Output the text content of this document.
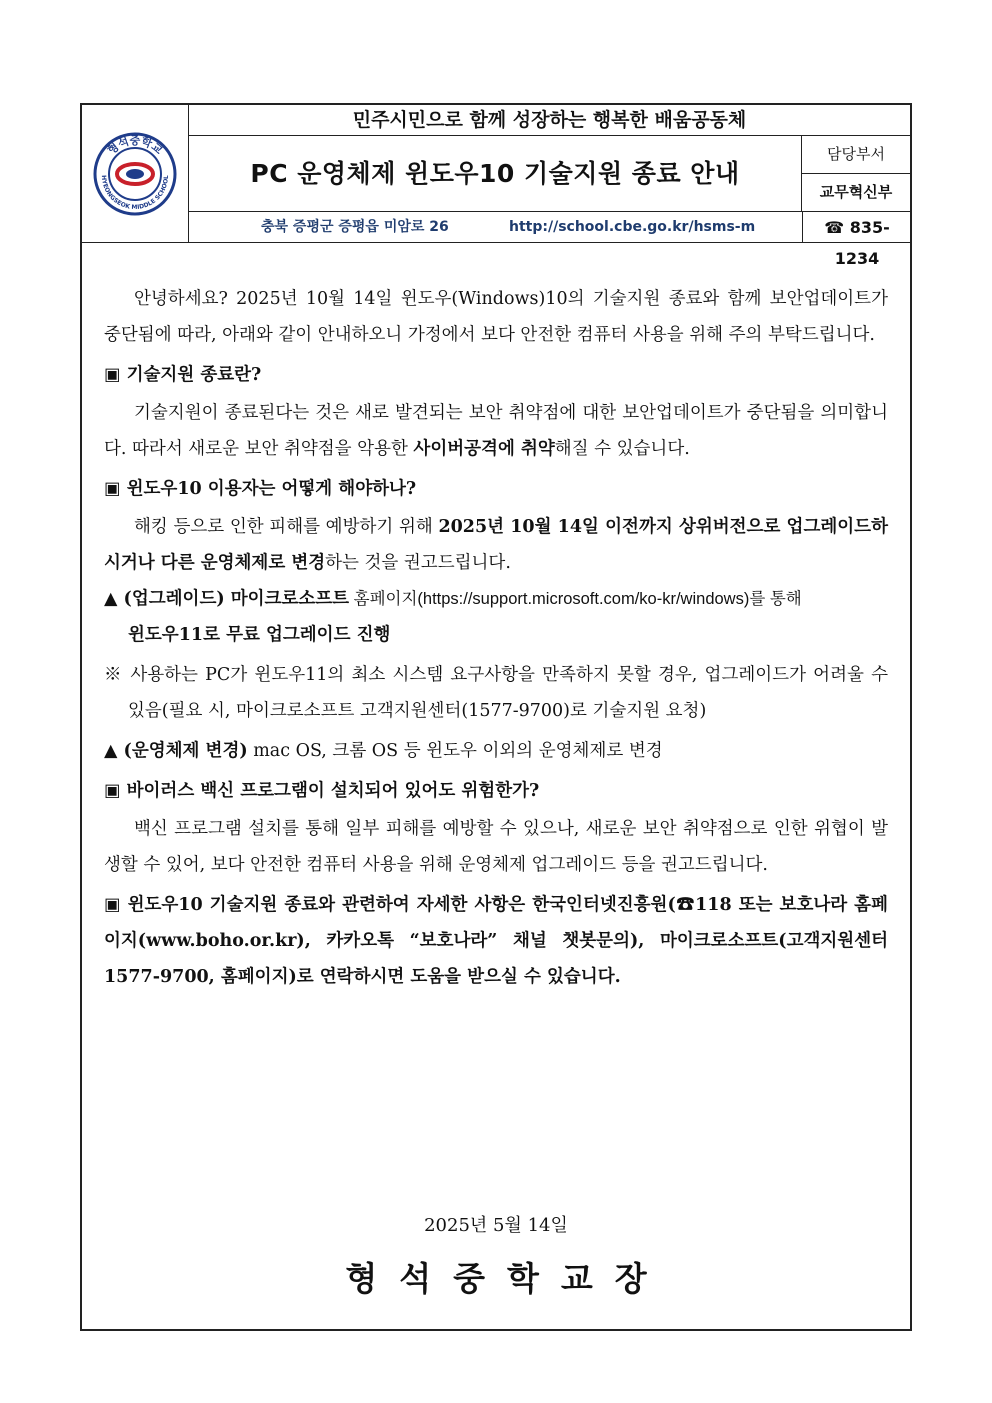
형석중학교
HYEONGSEOK MIDDLE SCHOOL
민주시민으로 함께 성장하는 행복한 배움공동체
PC 운영체제 윈도우10 기술지원 종료 안내
담당부서
교무혁신부
충북 증평군 증평읍 미암로 26	http://school.cbe.go.kr/hsms-m	☎ 835-1234

안녕하세요? 2025년 10월 14일 윈도우(Windows)10의 기술지원 종료와 함께 보안업데이트가 중단됨에 따라, 아래와 같이 안내하오니 가정에서 보다 안전한 컴퓨터 사용을 위해 주의 부탁드립니다.

▣ 기술지원 종료란?

기술지원이 종료된다는 것은 새로 발견되는 보안 취약점에 대한 보안업데이트가 중단됨을 의미합니다. 따라서 새로운 보안 취약점을 악용한 사이버공격에 취약해질 수 있습니다.

▣ 윈도우10 이용자는 어떻게 해야하나?

해킹 등으로 인한 피해를 예방하기 위해 2025년 10월 14일 이전까지 상위버전으로 업그레이드하시거나 다른 운영체제로 변경하는 것을 권고드립니다.

▲ (업그레이드) 마이크로소프트 홈페이지(https://support.microsoft.com/ko-kr/windows)를 통해

윈도우11로 무료 업그레이드 진행

※ 사용하는 PC가 윈도우11의 최소 시스템 요구사항을 만족하지 못할 경우, 업그레이드가 어려울 수 있음(필요 시, 마이크로소프트 고객지원센터(1577-9700)로 기술지원 요청)

▲ (운영체제 변경) mac OS, 크롬 OS 등 윈도우 이외의 운영체제로 변경

▣ 바이러스 백신 프로그램이 설치되어 있어도 위험한가?

백신 프로그램 설치를 통해 일부 피해를 예방할 수 있으나, 새로운 보안 취약점으로 인한 위협이 발생할 수 있어, 보다 안전한 컴퓨터 사용을 위해 운영체제 업그레이드 등을 권고드립니다.

▣ 윈도우10 기술지원 종료와 관련하여 자세한 사항은 한국인터넷진흥원(☎118 또는 보호나라 홈페이지(www.boho.or.kr), 카카오톡 “보호나라” 채널 챗봇문의), 마이크로소프트(고객지원센터 1577-9700, 홈페이지)로 연락하시면 도움을 받으실 수 있습니다.

2025년 5월 14일
형석중학교장
